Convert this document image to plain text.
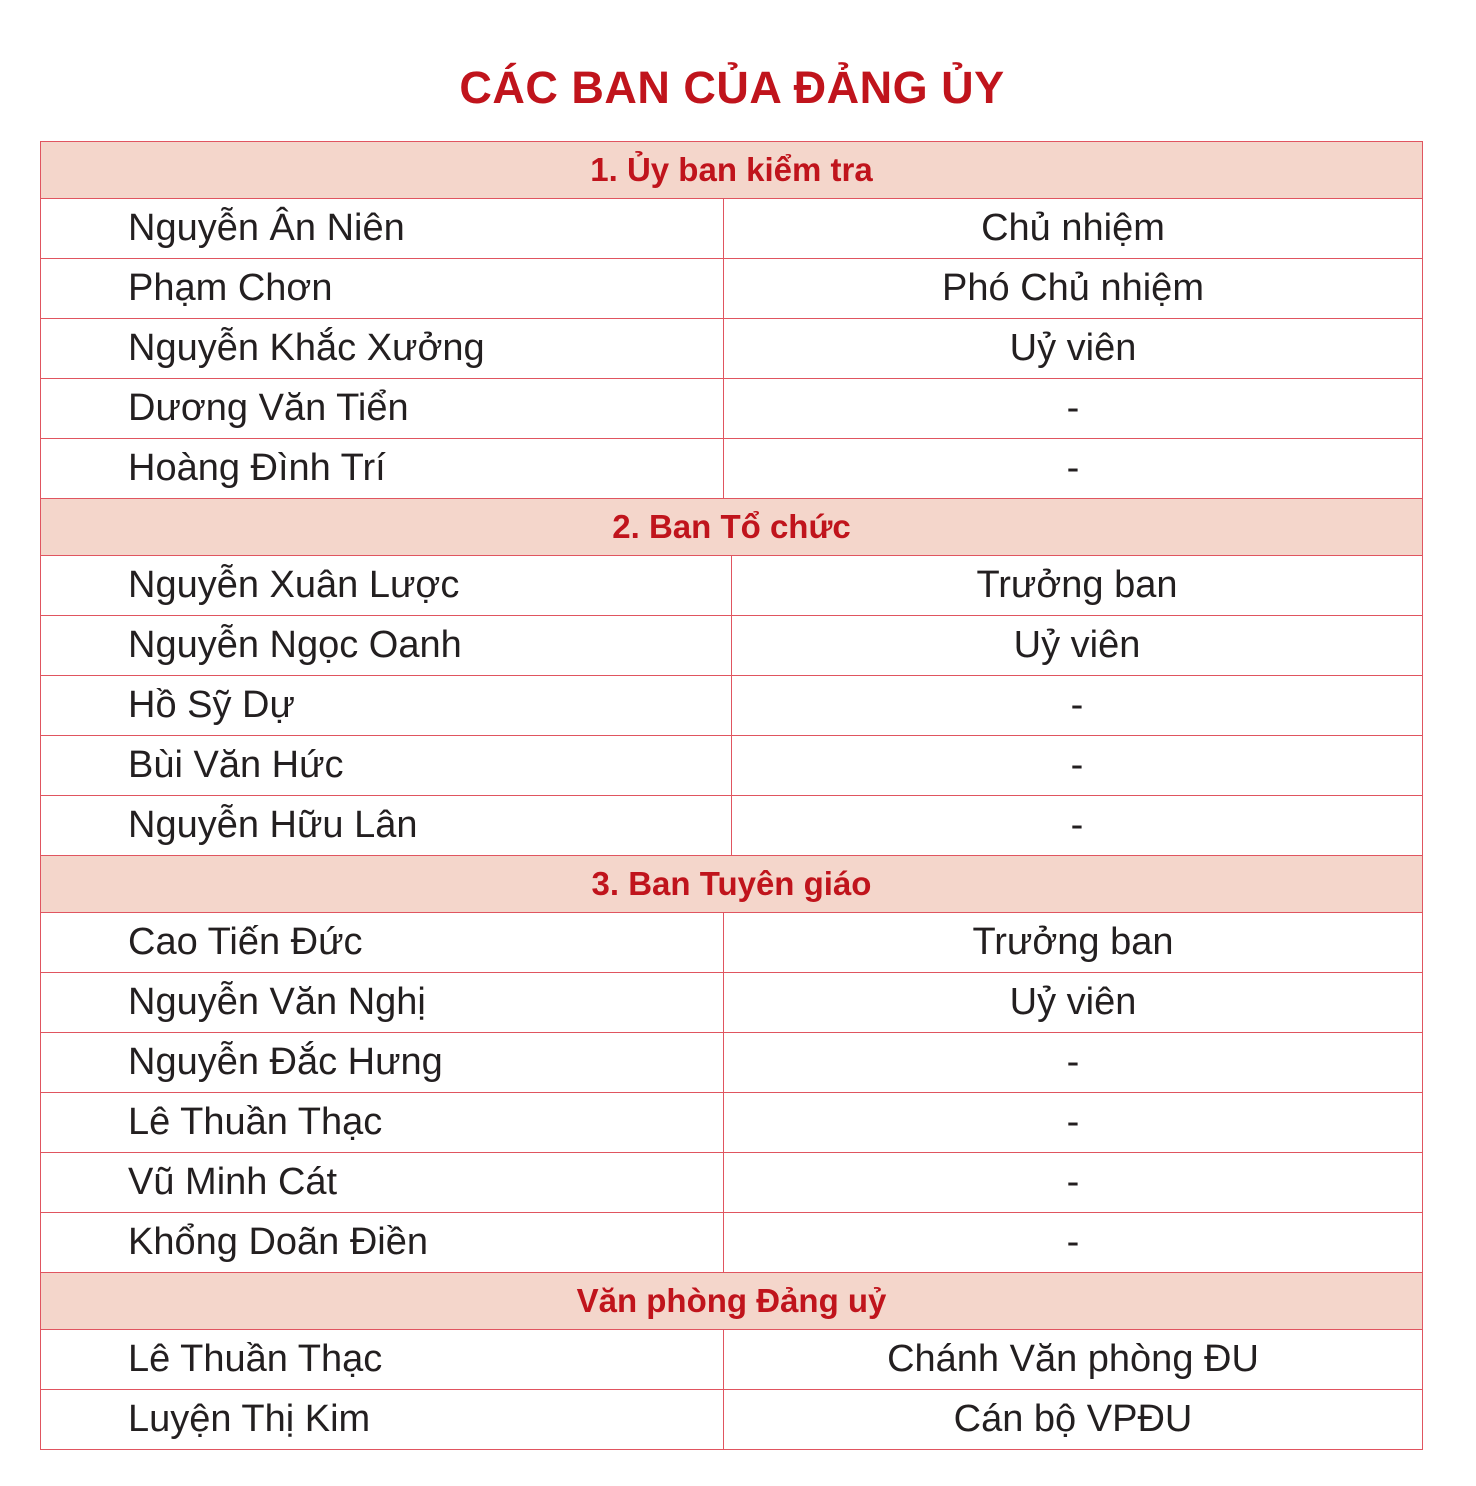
CÁC BAN CỦA ĐẢNG ỦY
1. Ủy ban kiểm tra
Nguyễn Ân Niên	Chủ nhiệm
Phạm Chơn	Phó Chủ nhiệm
Nguyễn Khắc Xưởng	Uỷ viên
Dương Văn Tiển	-
Hoàng Đình Trí	-
2. Ban Tổ chức
Nguyễn Xuân Lược	Trưởng ban
Nguyễn Ngọc Oanh	Uỷ viên
Hồ Sỹ Dự	-
Bùi Văn Hức	-
Nguyễn Hữu Lân	-
3. Ban Tuyên giáo
Cao Tiến Đức	Trưởng ban
Nguyễn Văn Nghị	Uỷ viên
Nguyễn Đắc Hưng	-
Lê Thuần Thạc	-
Vũ Minh Cát	-
Khổng Doãn Điền	-
Văn phòng Đảng uỷ
Lê Thuần Thạc	Chánh Văn phòng ĐU
Luyện Thị Kim	Cán bộ VPĐU
